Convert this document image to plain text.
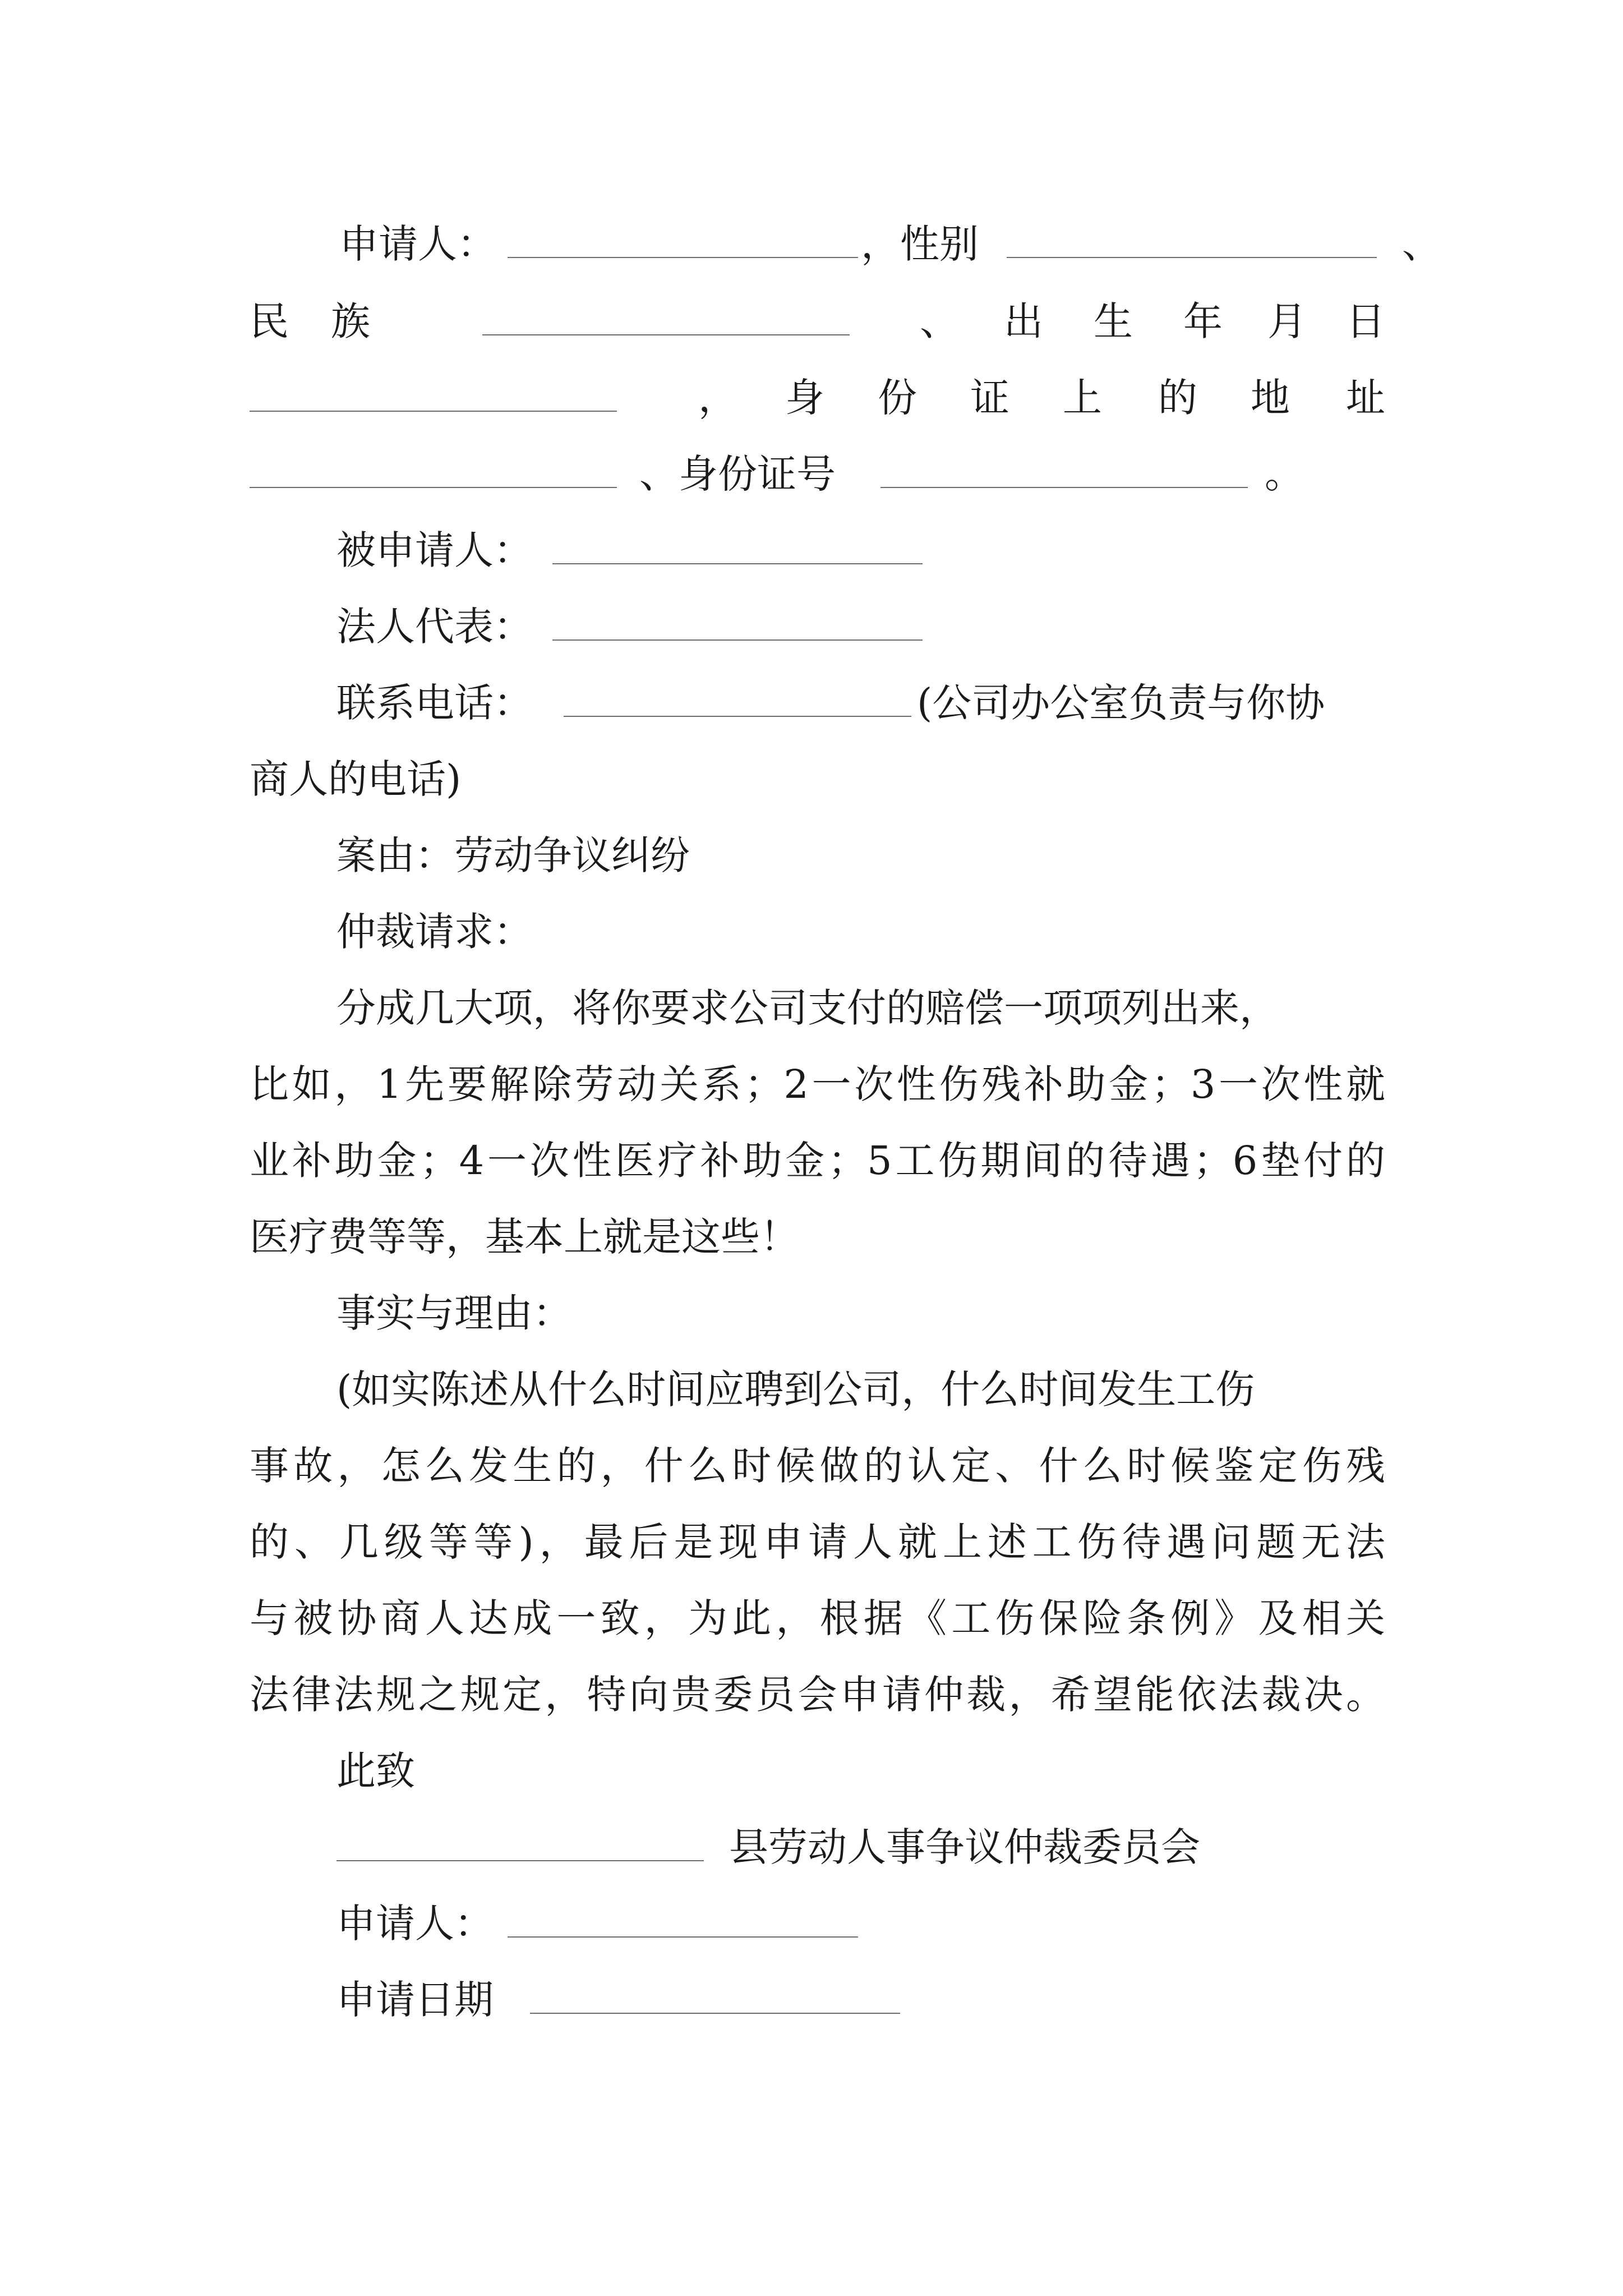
申请人：	，性别	、
民 族	、 出 生 年 月 日
， 身 份 证 上 的 地 址
、身份证号	。
被申请人：
法人代表：
联系电话：	(公司办公室负责与你协
商人的电话)
案由：劳动争议纠纷
仲裁请求：
分成几大项，将你要求公司支付的赔偿一项项列出来，
比如，1先要解除劳动关系；2一次性伤残补助金；3一次性就
业补助金；4一次性医疗补助金；5工伤期间的待遇；6垫付的
医疗费等等，基本上就是这些！
事实与理由：
(如实陈述从什么时间应聘到公司，什么时间发生工伤
事故，怎么发生的，什么时候做的认定、什么时候鉴定伤残
的、几级等等)，最后是现申请人就上述工伤待遇问题无法
与被协商人达成一致，为此，根据《工伤保险条例》及相关
法律法规之规定，特向贵委员会申请仲裁，希望能依法裁决。
此致
县劳动人事争议仲裁委员会
申请人：
申请日期
